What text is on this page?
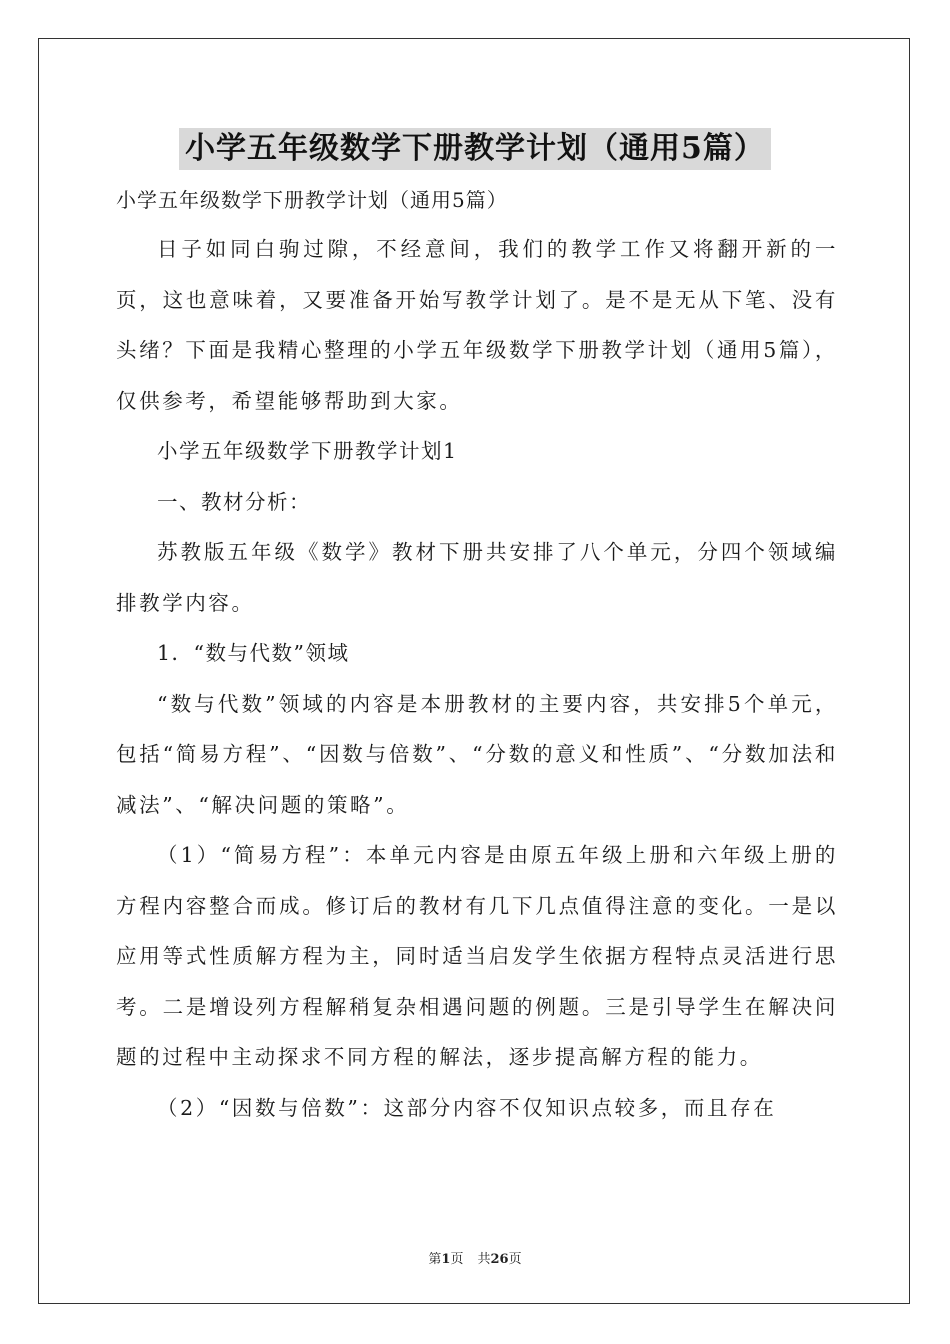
小学五年级数学下册教学计划（通用5篇）

小学五年级数学下册教学计划（通用5篇）

日子如同白驹过隙，不经意间，我们的教学工作又将翻开新的一页，这也意味着，又要准备开始写教学计划了。是不是无从下笔、没有头绪？下面是我精心整理的小学五年级数学下册教学计划（通用5篇），仅供参考，希望能够帮助到大家。

小学五年级数学下册教学计划1

一、教材分析：

苏教版五年级《数学》教材下册共安排了八个单元，分四个领域编排教学内容。

1．“数与代数”领域

“数与代数”领域的内容是本册教材的主要内容，共安排5个单元，包括“简易方程”、“因数与倍数”、“分数的意义和性质”、“分数加法和减法”、“解决问题的策略”。

（1）“简易方程”：本单元内容是由原五年级上册和六年级上册的方程内容整合而成。修订后的教材有几下几点值得注意的变化。一是以应用等式性质解方程为主，同时适当启发学生依据方程特点灵活进行思考。二是增设列方程解稍复杂相遇问题的例题。三是引导学生在解决问题的过程中主动探求不同方程的解法，逐步提高解方程的能力。

（2）“因数与倍数”：这部分内容不仅知识点较多，而且存在

第1页 共26页
